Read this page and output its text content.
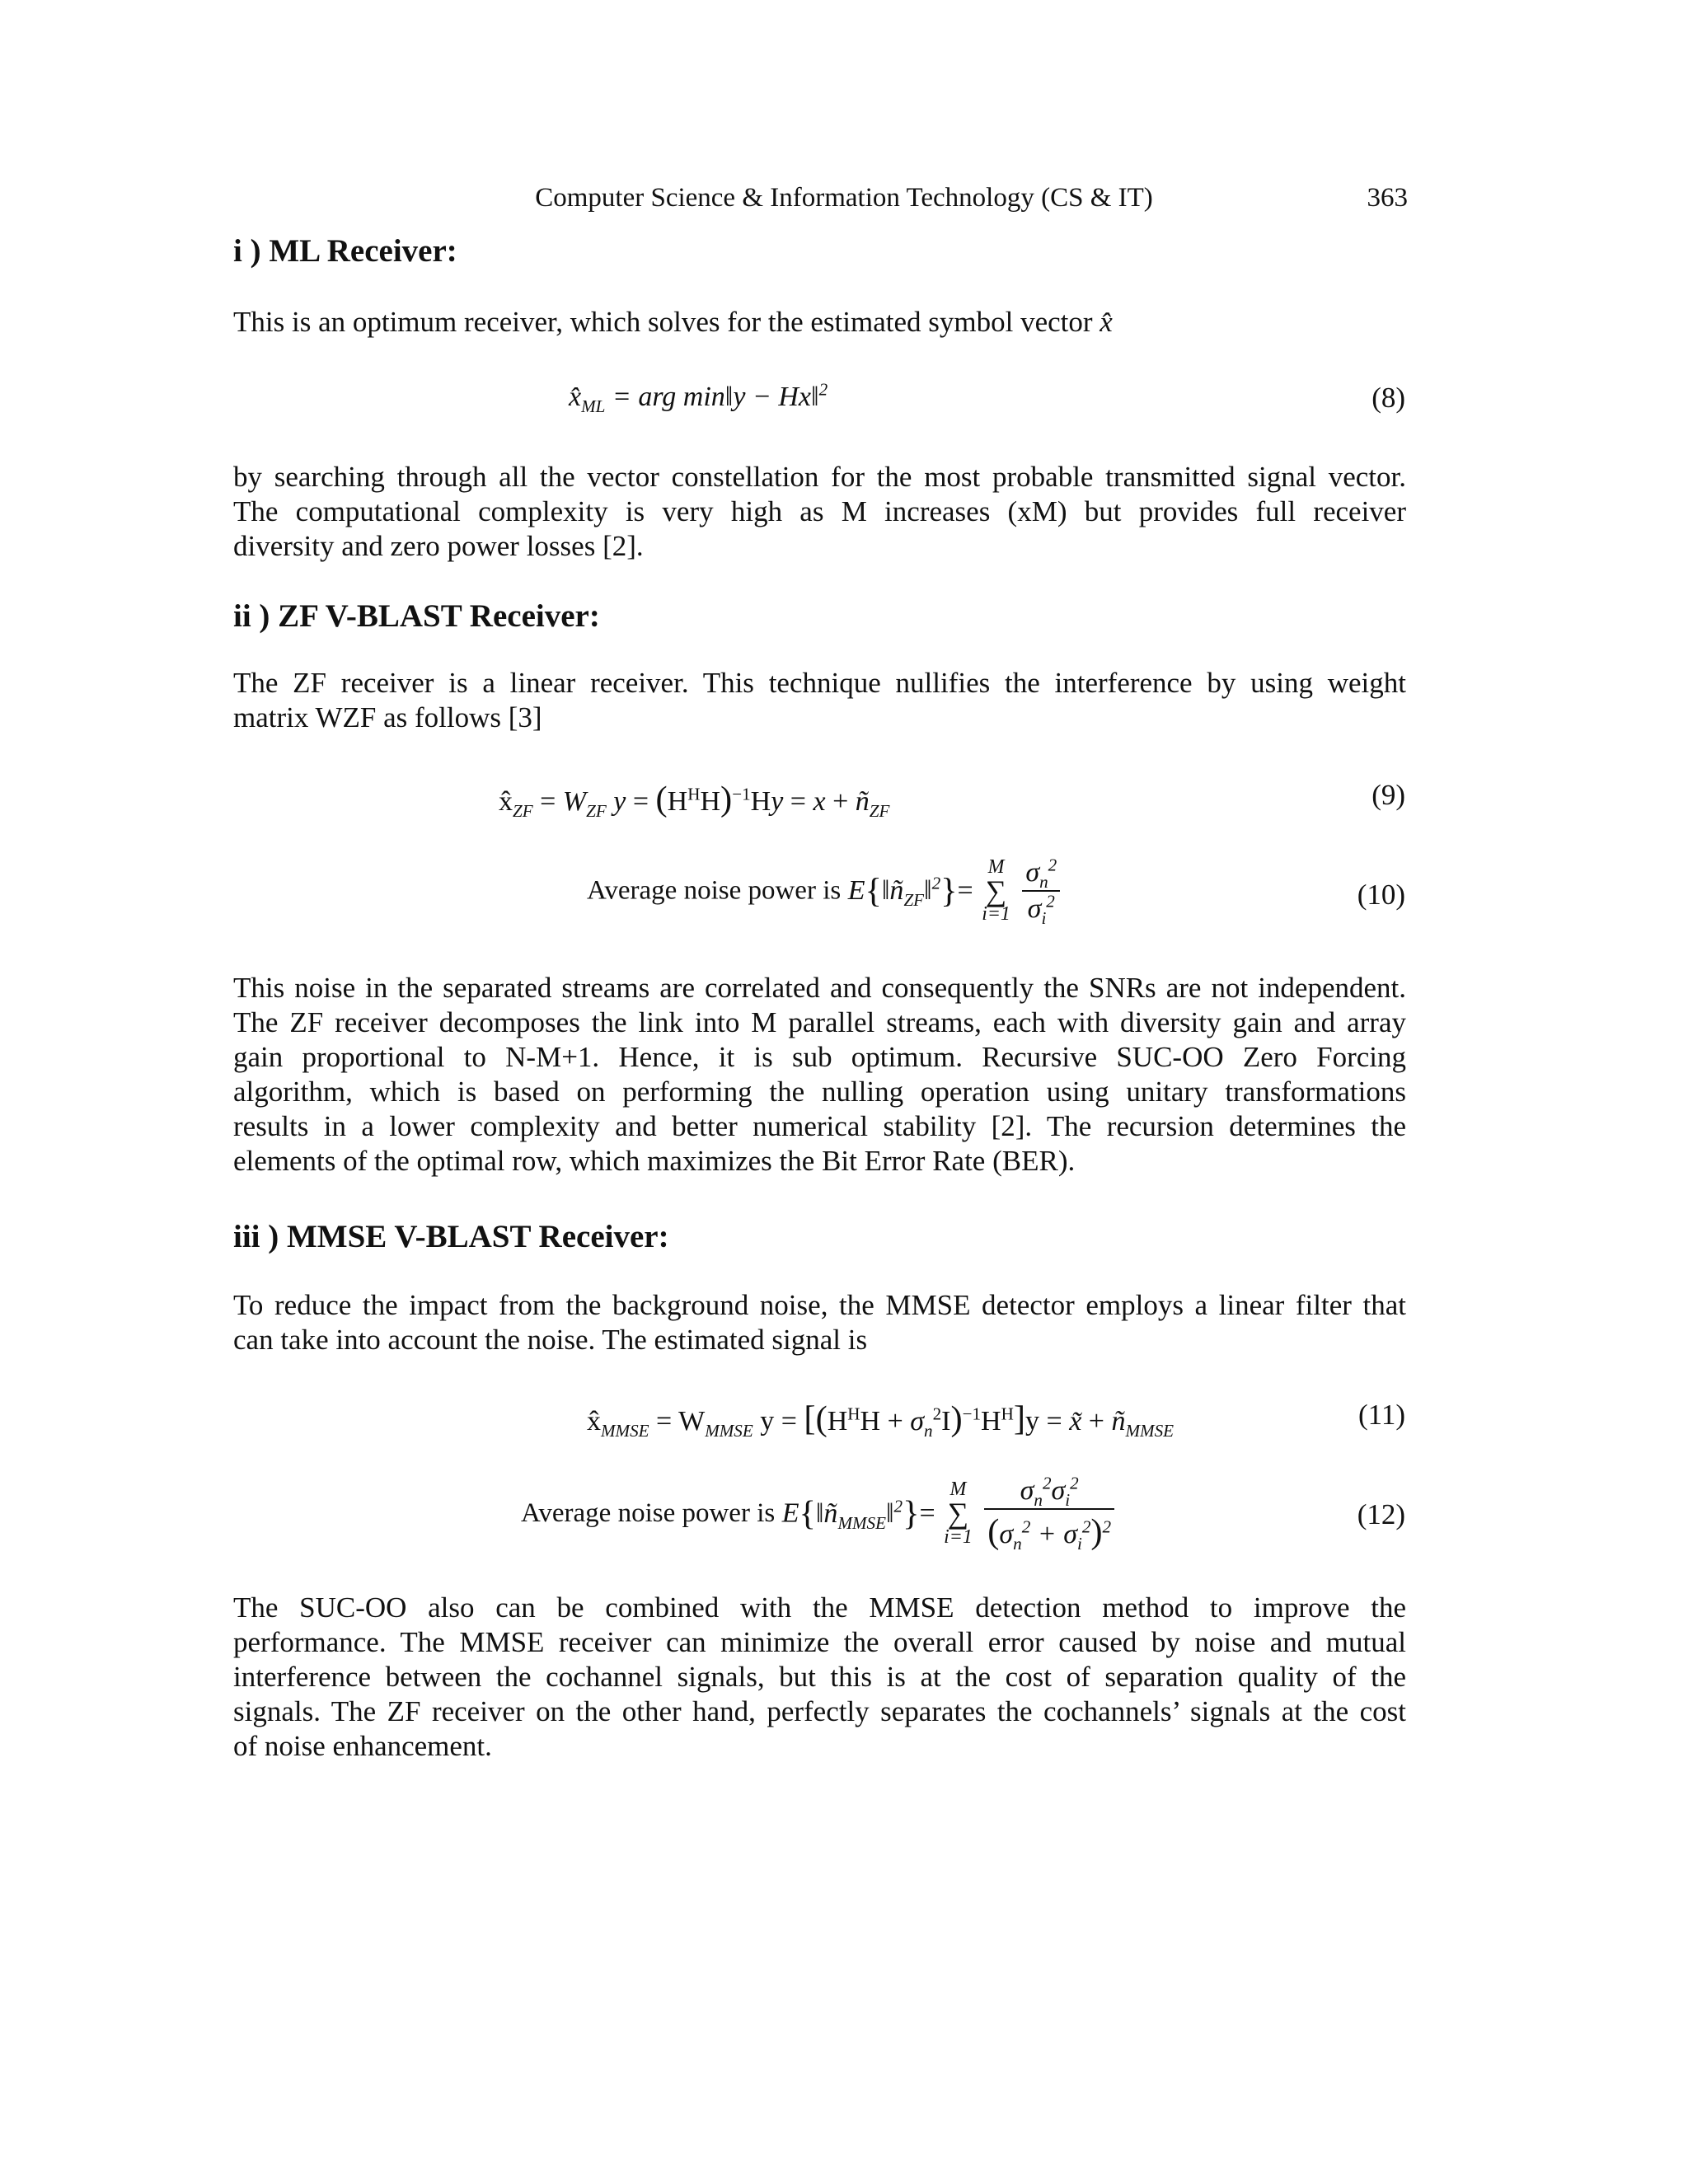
Computer Science & Information Technology (CS & IT)	363
i ) ML Receiver:
This is an optimum receiver, which solves for the estimated symbol vector x̂
$x̂_{ML}$ = arg min‖y − Hx‖$^2$	(8)
by searching through all the vector constellation for the most probable transmitted signal vector.
The computational complexity is very high as M increases (xM) but provides full receiver
diversity and zero power losses [2].
ii ) ZF V-BLAST Receiver:
The ZF receiver is a linear receiver. This technique nullifies the interference by using weight
matrix WZF as follows [3]
$x̂_{ZF} = W_{ZF}$ $y = (H^HH)^{-1}Hy = x$ + $ñ_{ZF}$	(9)
Average noise power is $E\{‖ñ_{ZF}‖^2\}= M$
∑
$i=1 \frac{\sigma_n^2}{\sigma_i^2}$	(10)
This noise in the separated streams are correlated and consequently the SNRs are not independent.
The ZF receiver decomposes the link into M parallel streams, each with diversity gain and array
gain proportional to N-M+1. Hence, it is sub optimum. Recursive SUC-OO Zero Forcing
algorithm, which is based on performing the nulling operation using unitary transformations
results in a lower complexity and better numerical stability [2]. The recursion determines the
elements of the optimal row, which maximizes the Bit Error Rate (BER).
iii ) MMSE V-BLAST Receiver:
To reduce the impact from the background noise, the MMSE detector employs a linear filter that
can take into account the noise. The estimated signal is
$x̂_{MMSE} = W_{MMSE}$ $y = [(H^HH + \sigma_n^2I)^{-1}H^H]y$ = x̃ + $ñ_{MMSE}$	(11)
Average noise power is $E\{‖ñ_{MMSE}‖^2\}= M$
∑
$i=1 \frac{\sigma_n^2\sigma_i^2}{(\sigma_n^2 + \sigma_i^2)^2}$	(12)
The SUC-OO also can be combined with the MMSE detection method to improve the
performance. The MMSE receiver can minimize the overall error caused by noise and mutual
interference between the cochannel signals, but this is at the cost of separation quality of the
signals. The ZF receiver on the other hand, perfectly separates the cochannels’ signals at the cost
of noise enhancement.
